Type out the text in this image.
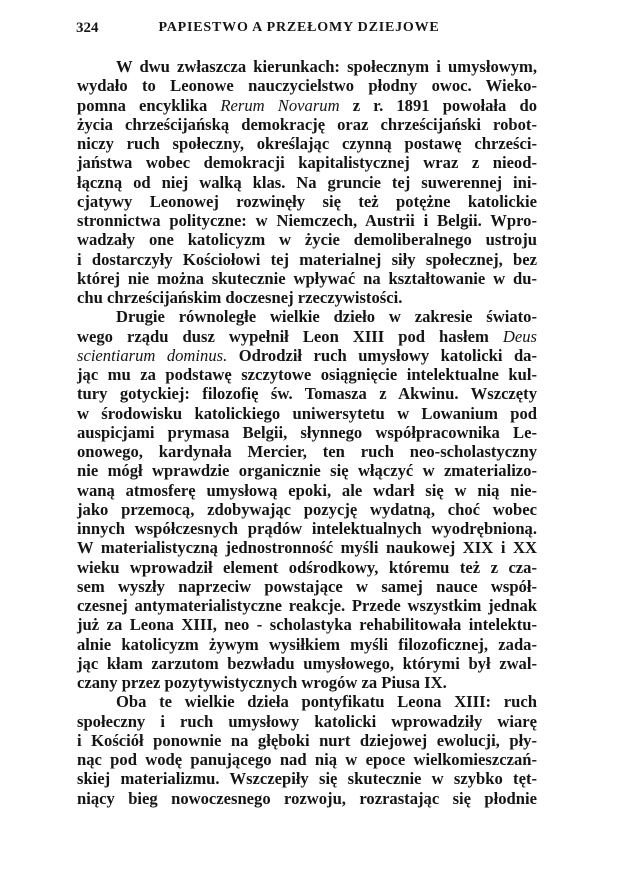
324	PAPIESTWO A PRZEŁOMY DZIEJOWE
W dwu zwłaszcza kierunkach: społecznym i umysłowym,
wydało to Leonowe nauczycielstwo płodny owoc. Wieko-
pomna encyklika Rerum Novarum z r. 1891 powołała do
życia chrześcijańską demokrację oraz chrześcijański robot-
niczy ruch społeczny, określając czynną postawę chrześci-
jaństwa wobec demokracji kapitalistycznej wraz z nieod-
łączną od niej walką klas. Na gruncie tej suwerennej ini-
cjatywy Leonowej rozwinęły się też potężne katolickie
stronnictwa polityczne: w Niemczech, Austrii i Belgii. Wpro-
wadzały one katolicyzm w życie demoliberalnego ustroju
i dostarczyły Kościołowi tej materialnej siły społecznej, bez
której nie można skutecznie wpływać na kształtowanie w du-
chu chrześcijańskim doczesnej rzeczywistości.
Drugie równoległe wielkie dzieło w zakresie świato-
wego rządu dusz wypełnił Leon XIII pod hasłem Deus
scientiarum dominus. Odrodził ruch umysłowy katolicki da-
jąc mu za podstawę szczytowe osiągnięcie intelektualne kul-
tury gotyckiej: filozofię św. Tomasza z Akwinu. Wszczęty
w środowisku katolickiego uniwersytetu w Lowanium pod
auspicjami prymasa Belgii, słynnego współpracownika Le-
onowego, kardynała Mercier, ten ruch neo-scholastyczny
nie mógł wprawdzie organicznie się włączyć w zmaterializo-
waną atmosferę umysłową epoki, ale wdarł się w nią nie-
jako przemocą, zdobywając pozycję wydatną, choć wobec
innych współczesnych prądów intelektualnych wyodrębnioną.
W materialistyczną jednostronność myśli naukowej XIX i XX
wieku wprowadził element odśrodkowy, któremu też z cza-
sem wyszły naprzeciw powstające w samej nauce współ-
czesnej antymaterialistyczne reakcje. Przede wszystkim jednak
już za Leona XIII, neo - scholastyka rehabilitowała intelektu-
alnie katolicyzm żywym wysiłkiem myśli filozoficznej, zada-
jąc kłam zarzutom bezwładu umysłowego, którymi był zwal-
czany przez pozytywistycznych wrogów za Piusa IX.
Oba te wielkie dzieła pontyfikatu Leona XIII: ruch
społeczny i ruch umysłowy katolicki wprowadziły wiarę
i Kościół ponownie na głęboki nurt dziejowej ewolucji, pły-
nąc pod wodę panującego nad nią w epoce wielkomieszczań-
skiej materializmu. Wszczepiły się skutecznie w szybko tęt-
niący bieg nowoczesnego rozwoju, rozrastając się płodnie
